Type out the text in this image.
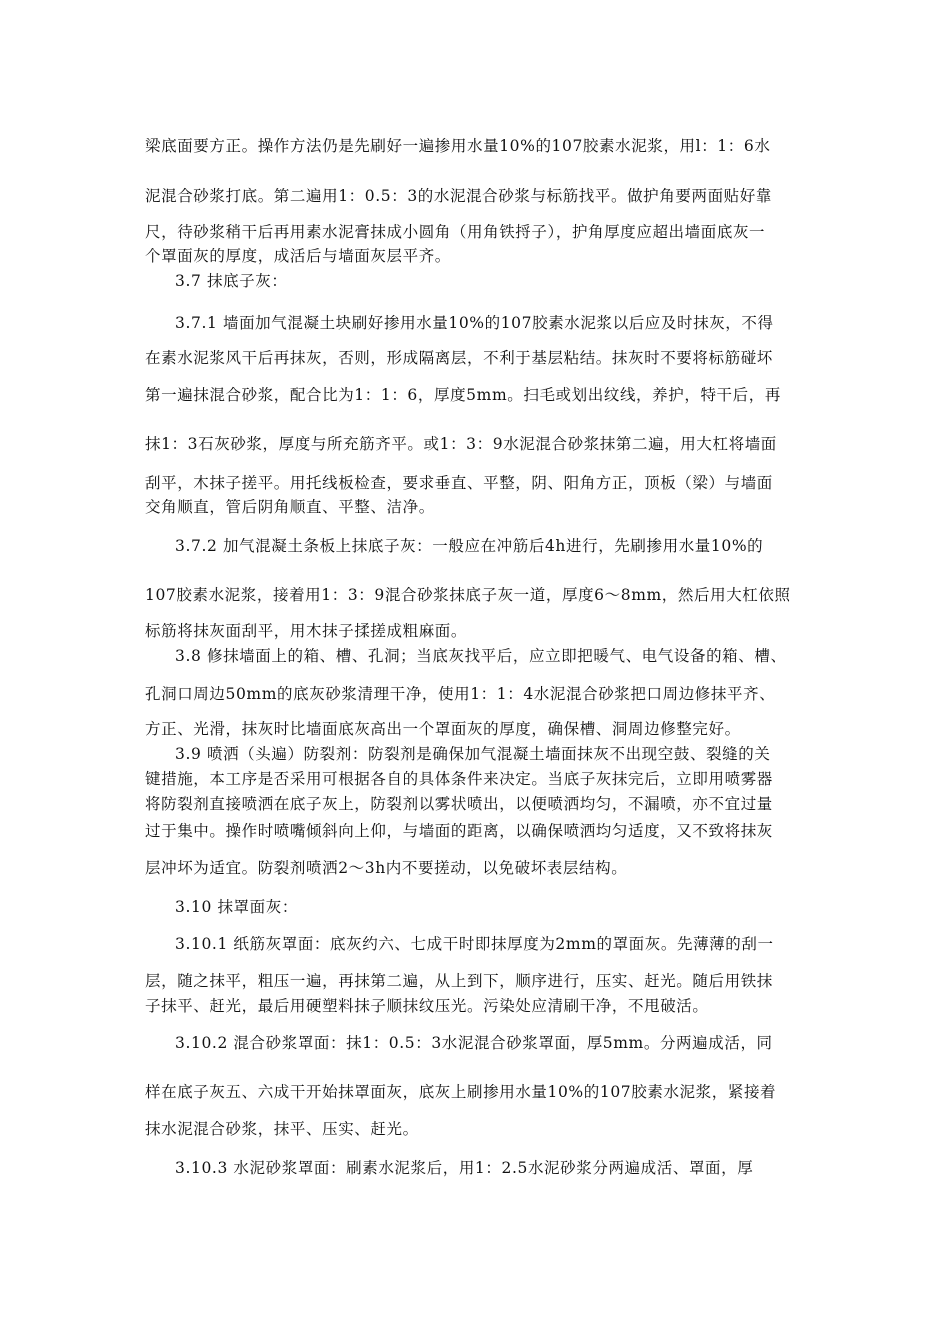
梁底面要方正。操作方法仍是先刷好一遍掺用水量10%的107胶素水泥浆，用l：1：6水
泥混合砂浆打底。第二遍用1：0.5：3的水泥混合砂浆与标筋找平。做护角要两面贴好靠
尺，待砂浆稍干后再用素水泥膏抹成小圆角（用角铁捋子），护角厚度应超出墙面底灰一
个罩面灰的厚度，成活后与墙面灰层平齐。
3.7 抹底子灰：
3.7.1 墙面加气混凝土块刷好掺用水量10%的107胶素水泥浆以后应及时抹灰，不得
在素水泥浆风干后再抹灰，否则，形成隔离层，不利于基层粘结。抹灰时不要将标筋碰坏
第一遍抹混合砂浆，配合比为1：1：6，厚度5mm。扫毛或划出纹线，养护，特干后，再
抹1：3石灰砂浆，厚度与所充筋齐平。或1：3：9水泥混合砂浆抹第二遍，用大杠将墙面
刮平，木抹子搓平。用托线板检查，要求垂直、平整，阴、阳角方正，顶板（梁）与墙面
交角顺直，管后阴角顺直、平整、洁净。
3.7.2 加气混凝土条板上抹底子灰：一般应在冲筋后4h进行，先刷掺用水量10%的
107胶素水泥浆，接着用1：3：9混合砂浆抹底子灰一道，厚度6～8mm，然后用大杠依照
标筋将抹灰面刮平，用木抹子揉搓成粗麻面。
3.8 修抹墙面上的箱、槽、孔洞；当底灰找平后，应立即把暖气、电气设备的箱、槽、
孔洞口周边50mm的底灰砂浆清理干净，使用1：1：4水泥混合砂浆把口周边修抹平齐、
方正、光滑，抹灰时比墙面底灰高出一个罩面灰的厚度，确保槽、洞周边修整完好。
3.9 喷洒（头遍）防裂剂：防裂剂是确保加气混凝土墙面抹灰不出现空鼓、裂缝的关
键措施，本工序是否采用可根据各自的具体条件来决定。当底子灰抹完后，立即用喷雾器
将防裂剂直接喷洒在底子灰上，防裂剂以雾状喷出，以便喷洒均匀，不漏喷，亦不宜过量
过于集中。操作时喷嘴倾斜向上仰，与墙面的距离，以确保喷洒均匀适度，又不致将抹灰
层冲坏为适宜。防裂剂喷洒2～3h内不要搓动，以免破坏表层结构。
3.10 抹罩面灰：
3.10.1 纸筋灰罩面：底灰约六、七成干时即抹厚度为2mm的罩面灰。先薄薄的刮一
层，随之抹平，粗压一遍，再抹第二遍，从上到下，顺序进行，压实、赶光。随后用铁抹
子抹平、赶光，最后用硬塑料抹子顺抹纹压光。污染处应清刷干净，不甩破活。
3.10.2 混合砂浆罩面：抹1：0.5：3水泥混合砂浆罩面，厚5mm。分两遍成活，同
样在底子灰五、六成干开始抹罩面灰，底灰上刷掺用水量10%的107胶素水泥浆，紧接着
抹水泥混合砂浆，抹平、压实、赶光。
3.10.3 水泥砂浆罩面：刷素水泥浆后，用1：2.5水泥砂浆分两遍成活、罩面，厚
